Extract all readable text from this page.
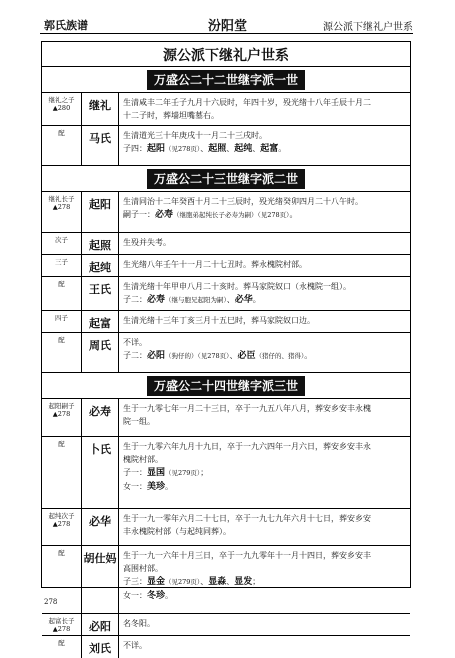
郭氏族谱	汾阳堂	源公派下继礼户世系
源公派下继礼户世系
万盛公二十二世继字派一世
继礼之子
▲280	继礼	生清咸丰二年壬子九月十六辰时，年四十岁，殁光绪十八年壬辰十月二
十二子时，葬墙坦嘴墓右。
配	马氏	生清道光三十年庚戌十一月二十三戌时。
子四：起阳（见278页）、起照、起纯、起富。
万盛公二十三世继字派二世
继礼长子
▲278	起阳	生清同治十二年癸酉十月二十三辰时，殁光绪癸卯四月二十八午时。
嗣子一：必寿（继胞弟起纯长子必寿为嗣）（见278页）。
次子	起照	生殁并失考。
三子	起纯	生光绪八年壬午十一月二十七丑时。葬永槐院村部。
配	王氏	生清光绪十年甲申八月二十亥时。葬马家院奴口（永槐院一组）。
子二：必寿（继与胞兄起阳为嗣）、必华。
四子	起富	生清光绪十三年丁亥三月十五巳时，葬马家院奴口边。
配	周氏	不详。
子二：必阳（狗仔的）（见278页）、必臣（猪仔的、猪得）。
万盛公二十四世继字派三世
起阳嗣子
▲278	必寿	生于一九零七年一月二十三日，卒于一九五八年八月，葬安乡安丰永槐
院一组。
配	卜氏	生于一九零六年九月十九日，卒于一九六四年一月六日，葬安乡安丰永
槐院村部。
子一：显国（见279页）；
女一：美珍。
起纯次子
▲278	必华	生于一九一零年六月二十七日，卒于一九七九年六月十七日，葬安乡安
丰永槐院村部（与起纯同葬）。
配	胡仕妈 生于一九一六年十月三日，卒于一九九零年十一月十四日，葬安乡安丰
高围村部。
子三：显金（见279页）、显淼、显发；
女一：冬珍。
起富长子
▲278	必阳	名冬阳。
配	刘氏	不详。
278
